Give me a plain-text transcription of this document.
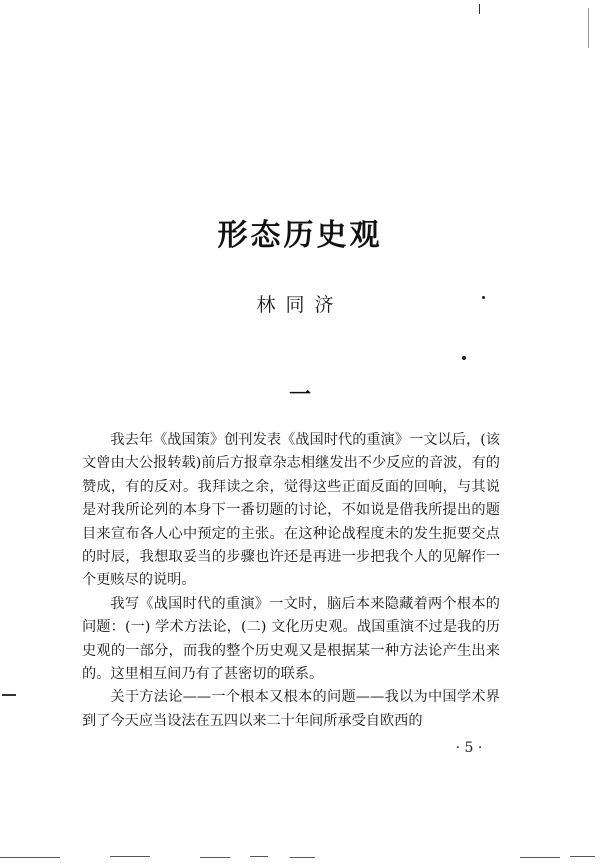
形态历史观
林同济
一

我去年《战国策》创刊发表《战国时代的重演》一文以后，(该文曾由大公报转载)前后方报章杂志相继发出不少反应的音波，有的赞成，有的反对。我拜读之余，觉得这些正面反面的回响，与其说是对我所论列的本身下一番切题的讨论，不如说是借我所提出的题目来宣布各人心中预定的主张。在这种论战程度未的发生扼要交点的时辰，我想取妥当的步骤也许还是再进一步把我个人的见解作一个更赅尽的说明。

我写《战国时代的重演》一文时，脑后本来隐藏着两个根本的问题：(一) 学术方法论，(二) 文化历史观。战国重演不过是我的历史观的一部分，而我的整个历史观又是根据某一种方法论产生出来的。这里相互间乃有了甚密切的联系。

关于方法论——一个根本又根本的问题——我以为中国学术界到了今天应当设法在五四以来二十年间所承受自欧西的

· 5 ·
